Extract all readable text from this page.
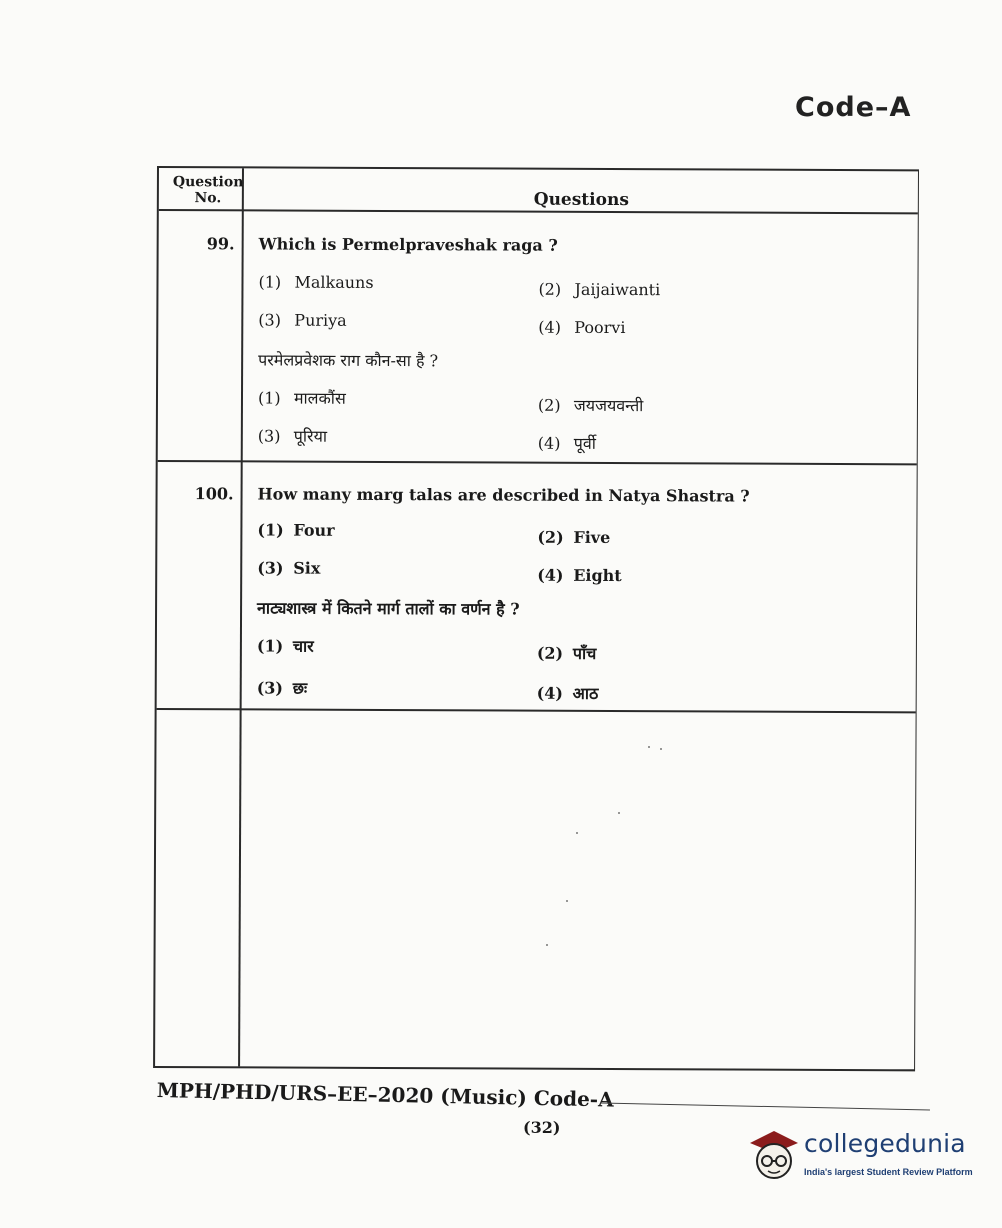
Code–A
Question No.	Questions
99. Which is Permelpraveshak raga ?
(1) Malkauns	(2) Jaijaiwanti
(3) Puriya	(4) Poorvi
परमेलप्रवेशक राग कौन-सा है ?
(1) मालकौंस	(2) जयजयवन्ती
(3) पूरिया	(4) पूर्वी
100. How many marg talas are described in Natya Shastra ?
(1) Four	(2) Five
(3) Six	(4) Eight
नाट्यशास्त्र में कितने मार्ग तालों का वर्णन है ?
(1) चार	(2) पाँच
(3) छः	(4) आठ
MPH/PHD/URS–EE–2020 (Music) Code-A
(32)
collegedunia
India's largest Student Review Platform
